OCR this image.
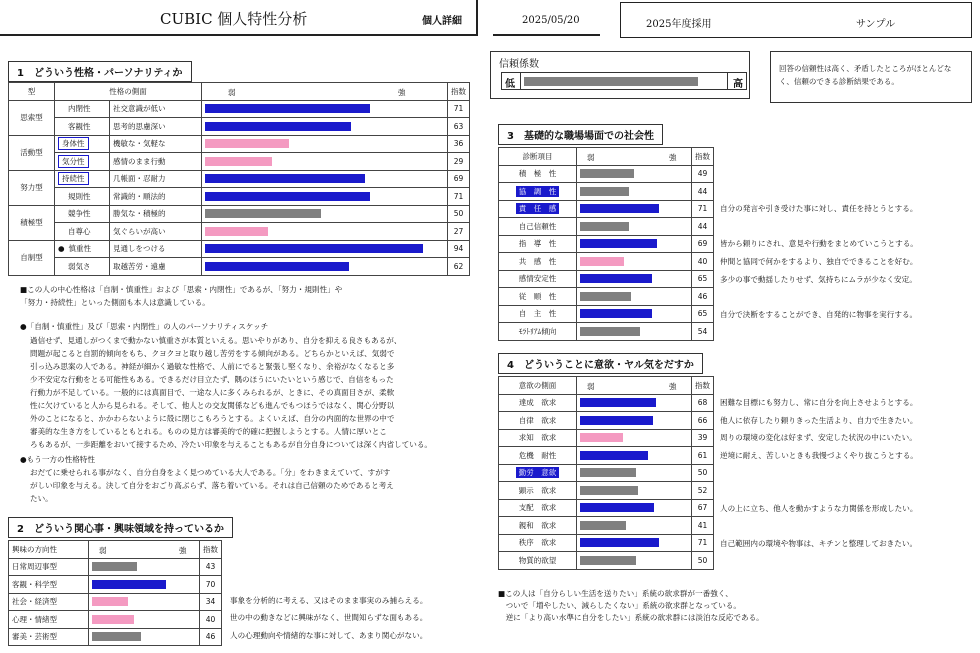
CUBIC 個人特性分析	個人詳細	2025/05/20	2025年度採用	サンプル
信頼係数
低	高
回答の信頼性は高く、矛盾したところがほとんどなく、信頼のできる診断結果である。
1　どういう性格・パーソナリティか
型	性格の側面		弱 強	指数
思索型	内閉性	社交意識が低い		71
	客観性	思考的思慮深い		63
活動型	身体性	機敏な・気軽な		36
	気分性	感情のまま行動		29
努力型	持続性	几帳面・忍耐力		69
	規則性	常識的・順法的		71
積極型	競争性	勝気な・積極的		50
	自尊心	気ぐらいが高い		27
自制型	● 慎重性	見通しをつける		94
	弱気さ	取越苦労・遠慮		62
■この人の中心性格は「自制・慎重性」および「思索・内閉性」であるが、「努力・規則性」や
「努力・持続性」といった側面も本人は意識している。
●「自制・慎重性」及び「思索・内閉性」の人のパーソナリティスケッチ
過信せず、見通しがつくまで動かない慎重さが本質といえる。思いやりがあり、自分を抑える良さもあるが、
問題が起こると自罰的傾向をもち、クヨクヨと取り越し苦労をする傾向がある。どちらかといえば、気弱で
引っ込み思案の人である。神経が細かく過敏な性格で、人前にでると緊張し堅くなり、余裕がなくなると多
少不安定な行動をとる可能性もある。できるだけ目立たず、隅のほうにいたいという感じで、自信をもった
行動力が不足している。一般的には真面目で、一途な人に多くみられるが、ときに、その真面目さが、柔軟
性に欠けていると人から見られる。そして、他人との交友関係なども進んでもつほうではなく、関心分野以
外のことになると、かかわらないように殻に閉じこもろうとする。よくいえば、自分の内面的な世界の中で
審美的な生き方をしているともとれる。ものの見方は審美的で的確に把握しようとする。人情に厚いとこ
ろもあるが、一歩距離をおいて接するため、冷たい印象を与えることもあるが自分自身については深く内省している。
●もう一方の性格特性
おだてに乗せられる事がなく、自分自身をよく見つめている大人である。「分」をわきまえていて、すがす
がしい印象を与える。決して自分をおごり高ぶらず、落ち着いている。それは自己信頼のためであると考え
たい。
2　どういう関心事・興味領域を持っているか
興味の方向性	弱 強	指数
日常周辺事型		43
客観・科学型		70
社会・経済型		34
心理・情緒型		40
審美・芸術型		46
事象を分析的に考える、又はそのまま事実のみ捕らえる。
世の中の動きなどに興味がなく、世間知らずな面もある。
人の心理動向や情緒的な事に対して、あまり関心がない。
3　基礎的な職場場面での社会性
診断項目	弱 強	指数
積　極　性		49
協　調　性		44
責　任　感		71
自己信頼性		44
指　導　性		69
共　感　性		40
感情安定性		65
従　順　性		46
自　主　性		65
ﾓﾗﾄﾘｱﾑ傾向		54
自分の発言や引き受けた事に対し、責任を持とうとする。
皆から頼りにされ、意見や行動をまとめていこうとする。
仲間と協同で何かをするより、独自でできることを好む。
多少の事で動揺したりせず、気持ちにムラが少なく安定。
自分で決断をすることができ、自発的に物事を実行する。
4　どういうことに意欲・ヤル気をだすか
意欲の側面	弱 強	指数
達成　欲求		68
自律　欲求		66
求知　欲求		39
危機　耐性		61
勤労　意欲		50
顕示　欲求		52
支配　欲求		67
親和　欲求		41
秩序　欲求		71
物質的欲望		50
困難な目標にも努力し、常に自分を向上させようとする。
他人に依存したり頼りきった生活より、自力で生きたい。
周りの環境の変化は好まず、安定した状況の中にいたい。
逆境に耐え、苦しいときも我慢づよくやり抜こうとする。
人の上に立ち、他人を動かすような力関係を形成したい。
自己範囲内の環境や物事は、キチンと整理しておきたい。
■この人は「自分らしい生活を送りたい」系統の欲求群が一番強く、
　ついで「増やしたい、減らしたくない」系統の欲求群となっている。
　逆に「より高い水準に自分をしたい」系統の欲求群には淡泊な反応である。
